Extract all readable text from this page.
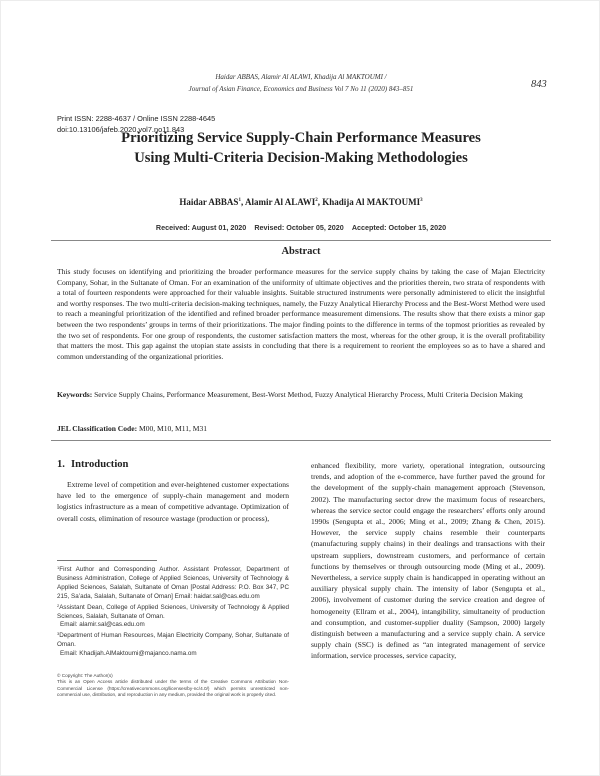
Haidar ABBAS, Alamir Al ALAWI, Khadija Al MAKTOUMI /
Journal of Asian Finance, Economics and Business Vol 7 No 11 (2020) 843–851	843
Print ISSN: 2288-4637 / Online ISSN 2288-4645
doi:10.13106/jafeb.2020.vol7.no11.843
Prioritizing Service Supply-Chain Performance Measures
Using Multi-Criteria Decision-Making Methodologies
Haidar ABBAS$^1$, Alamir Al ALAWI$^2$, Khadija Al MAKTOUMI$^3$
Received: August 01, 2020 Revised: October 05, 2020 Accepted: October 15, 2020
Abstract
This study focuses on identifying and prioritizing the broader performance measures for the service supply chains by taking the case of Majan Electricity Company, Sohar, in the Sultanate of Oman. For an examination of the uniformity of ultimate objectives and the priorities therein, two strata of respondents with a total of fourteen respondents were approached for their valuable insights. Suitable structured instruments were personally administered to elicit the insightful and worthy responses. The two multi-criteria decision-making techniques, namely, the Fuzzy Analytical Hierarchy Process and the Best-Worst Method were used to reach a meaningful prioritization of the identified and refined broader performance measurement dimensions. The results show that there exists a minor gap between the two respondents’ groups in terms of their prioritizations. The major finding points to the difference in terms of the topmost priorities as revealed by the two set of respondents. For one group of respondents, the customer satisfaction matters the most, whereas for the other group, it is the overall profitability that matters the most. This gap against the utopian state assists in concluding that there is a requirement to reorient the employees so as to have a shared and common understanding of the organizational priorities.
Keywords: Service Supply Chains, Performance Measurement, Best-Worst Method, Fuzzy Analytical Hierarchy Process, Multi Criteria Decision Making
JEL Classification Code: M00, M10, M11, M31
1. Introduction
Extreme level of competition and ever-heightened customer expectations have led to the emergence of supply-chain management and modern logistics infrastructure as a mean of competitive advantage. Optimization of overall costs, elimination of resource wastage (production or process),
enhanced flexibility, more variety, operational integration, outsourcing trends, and adoption of the e-commerce, have further paved the ground for the development of the supply-chain management approach (Stevenson, 2002). The manufacturing sector drew the maximum focus of researchers, whereas the service sector could engage the researchers’ efforts only around 1990s (Sengupta et al., 2006; Ming et al., 2009; Zhang & Chen, 2015). However, the service supply chains resemble their counterparts (manufacturing supply chains) in their dealings and transactions with their upstream suppliers, downstream customers, and performance of certain functions by themselves or through outsourcing mode (Ming et al., 2009). Nevertheless, a service supply chain is handicapped in operating without an auxiliary physical supply chain. The intensity of labor (Sengupta et al., 2006), involvement of customer during the service creation and degree of homogeneity (Ellram et al., 2004), intangibility, simultaneity of production and consumption, and customer-supplier duality (Sampson, 2000) largely distinguish between a manufacturing and a service supply chain. A service supply chain (SSC) is defined as “an integrated management of service information, service processes, service capacity,

$^1$First Author and Corresponding Author. Assistant Professor, Department of Business Administration, College of Applied Sciences, University of Technology & Applied Sciences, Salalah, Sultanate of Oman [Postal Address: P.O. Box 347, PC 215, Sa’ada, Salalah, Sultanate of Oman] Email: haidar.sal@cas.edu.om

$^2$Assistant Dean, College of Applied Sciences, University of Technology & Applied Sciences, Salalah, Sultanate of Oman.

Email: alamir.sal@cas.edu.om

$^3$Department of Human Resources, Majan Electricity Company, Sohar, Sultanate of Oman.

Email: Khadijah.AlMaktoumi@majanco.nama.om

© Copyright: The Author(s)
This is an Open Access article distributed under the terms of the Creative Commons Attribution Non-Commercial License (https://creativecommons.org/licenses/by-nc/4.0/) which permits unrestricted non-commercial use, distribution, and reproduction in any medium, provided the original work is properly cited.
